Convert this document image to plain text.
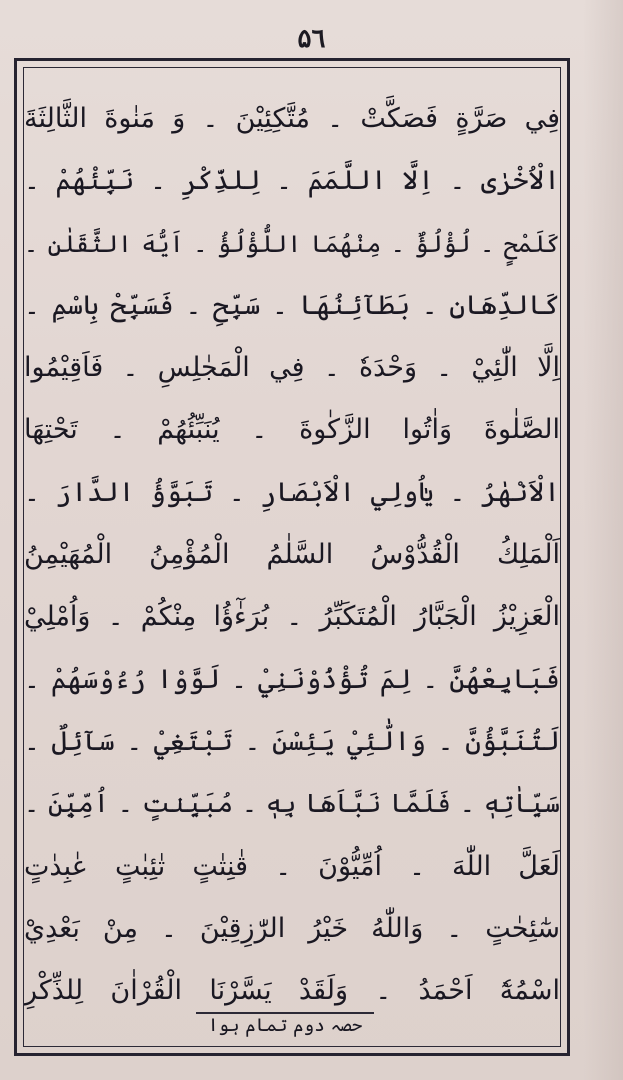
۵٦
فِي صَرَّةٍ فَصَكَّتْ ۔ مُتَّكِئِيْنَ ۔ وَ مَنٰوةَ الثَّالِثَةَ
الْاُخْرٰى ۔ اِلَّا اللَّمَمَ ۔ لِلذِّكْرِ ۔ نَبِّئْهُمْ ۔
كَلَمْحٍ ۔ لُؤْلُؤٌ ۔ مِنْهُمَا اللُّؤْلُؤُ ۔ اَيُّهَ الثَّقَلٰنِ ۔
كَالدِّهَانِ ۔ بَطَآئِنُهَا ۔ سَبِّحِ ۔ فَسَبِّحْ بِاسْمِ ۔
اِلَّا الّٰئِيْ ۔ وَحْدَهٗ ۔ فِي الْمَجٰلِسِ ۔ فَاَقِيْمُوا
الصَّلٰوةَ وَاٰتُوا الزَّكٰوةَ ۔ يُنَبِّئُهُمْ ۔ تَحْتِهَا
الْاَنْهٰرُ ۔ يٰاُولِي الْاَبْصَارِ ۔ تَبَوَّؤُ الدَّارَ ۔
اَلْمَلِكُ الْقُدُّوْسُ السَّلٰمُ الْمُؤْمِنُ الْمُهَيْمِنُ
الْعَزِيْزُ الْجَبَّارُ الْمُتَكَبِّرُ ۔ بُرَءٰٓؤُا مِنْكُمْ ۔ وَاُمْلِيْ
فَبَايِعْهُنَّ ۔ لِمَ تُؤْذُوْنَنِيْ ۔ لَوَّوْا رُءُوْسَهُمْ ۔
لَتُنَبَّؤُنَّ ۔ وَالّٰئِيْ يَئِسْنَ ۔ تَبْتَغِيْ ۔ سَآئِلٌ ۔
سَيِّاٰتِهٖ ۔ فَلَمَّا نَبَّاَهَا بِهٖ ۔ مُبَيِّنٰتٍ ۔ اُمِّيّٖنَ ۔
لَعَلَّ اللّٰهَ ۔ اُمِّيُّوْنَ ۔ قٰنِتٰتٍ تٰئِبٰتٍ عٰبِدٰتٍ
سٰٓئِحٰتٍ ۔ وَاللّٰهُ خَيْرُ الرّٰزِقِيْنَ ۔ مِنْ بَعْدِيْ
اسْمُهٗٓ اَحْمَدُ ۔ وَلَقَدْ يَسَّرْنَا الْقُرْاٰنَ لِلذِّكْرِ
حصہ دوم تمام ہوا
